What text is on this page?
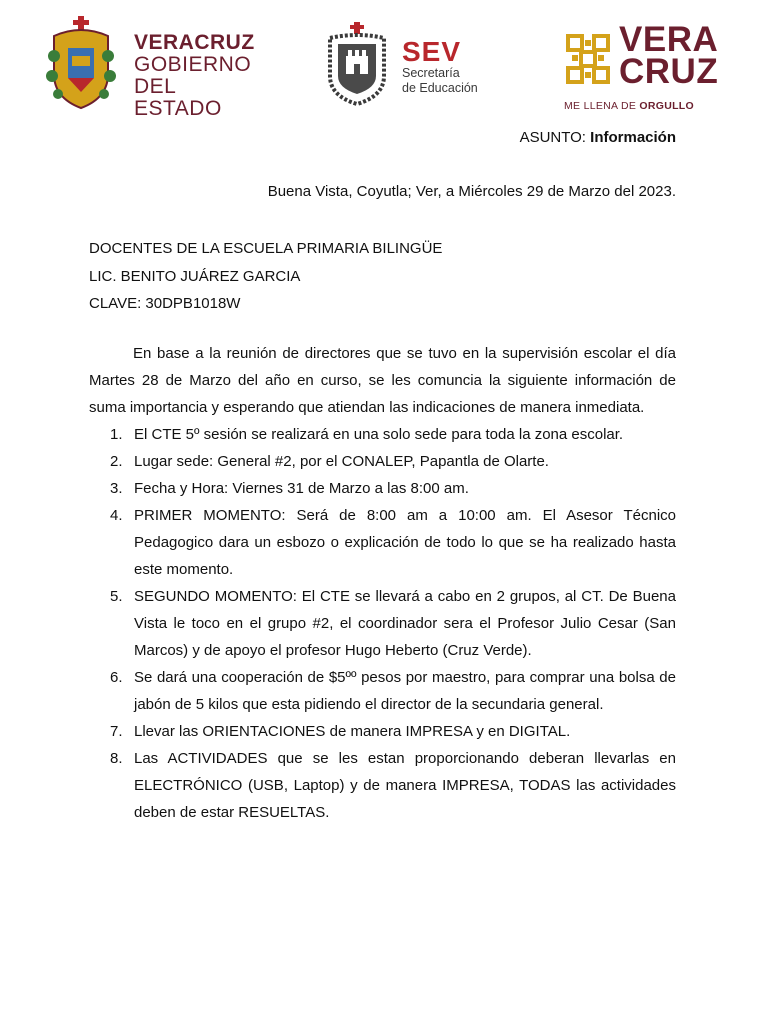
VERACRUZ
GOBIERNO
DEL ESTADO
SEV
Secretaría
de Educación
VERA
CRUZ
ME LLENA DE ORGULLO
ASUNTO: Información
Buena Vista, Coyutla; Ver, a Miércoles 29 de Marzo del 2023.
DOCENTES DE LA ESCUELA PRIMARIA BILINGÜE
LIC. BENITO JUÁREZ GARCIA
CLAVE: 30DPB1018W

En base a la reunión de directores que se tuvo en la supervisión escolar el día Martes 28 de Marzo del año en curso, se les comuncia la siguiente información de suma importancia y esperando que atiendan las indicaciones de manera inmediata.

1. El CTE 5º sesión se realizará en una solo sede para toda la zona escolar.
2. Lugar sede: General #2, por el CONALEP, Papantla de Olarte.
3. Fecha y Hora: Viernes 31 de Marzo a las 8:00 am.
4. PRIMER MOMENTO: Será de 8:00 am a 10:00 am. El Asesor Técnico Pedagogico dara un esbozo o explicación de todo lo que se ha realizado hasta este momento.
5. SEGUNDO MOMENTO: El CTE se llevará a cabo en 2 grupos, al CT. De Buena Vista le toco en el grupo #2, el coordinador sera el Profesor Julio Cesar (San Marcos) y de apoyo el profesor Hugo Heberto (Cruz Verde).
6. Se dará una cooperación de $5ºº pesos por maestro, para comprar una bolsa de jabón de 5 kilos que esta pidiendo el director de la secundaria general.
7. Llevar las ORIENTACIONES de manera IMPRESA y en DIGITAL.
8. Las ACTIVIDADES que se les estan proporcionando deberan llevarlas en ELECTRÓNICO (USB, Laptop) y de manera IMPRESA, TODAS las actividades deben de estar RESUELTAS.
